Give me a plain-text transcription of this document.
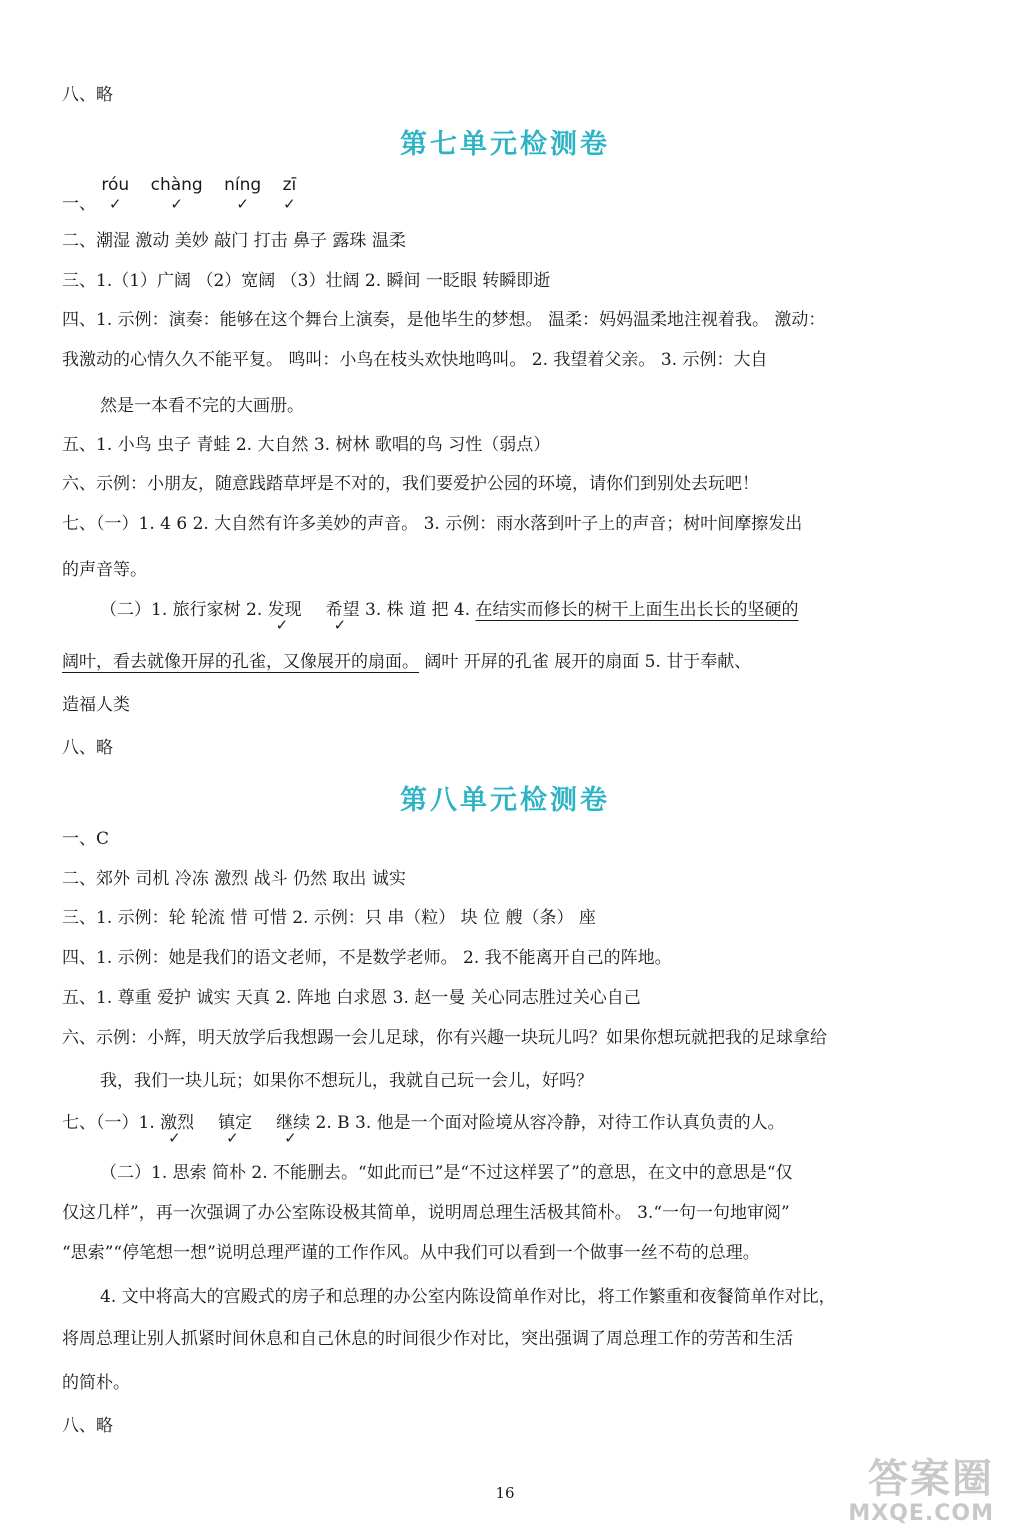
八、略
第七单元检测卷
一、 róu
✓
chàng
✓
níng
✓
zī
✓
二、潮湿 激动 美妙 敲门 打击 鼻子 露珠 温柔
三、1.（1）广阔 （2）宽阔 （3）壮阔 2. 瞬间 一眨眼 转瞬即逝
四、1. 示例：演奏：能够在这个舞台上演奏，是他毕生的梦想。 温柔：妈妈温柔地注视着我。 激动：
我激动的心情久久不能平复。 鸣叫：小鸟在枝头欢快地鸣叫。 2. 我望着父亲。 3. 示例：大自
然是一本看不完的大画册。
五、1. 小鸟 虫子 青蛙 2. 大自然 3. 树林 歌唱的鸟 习性（弱点）
六、示例：小朋友，随意践踏草坪是不对的，我们要爱护公园的环境，请你们到别处去玩吧！
七、（一）1. 4 6 2. 大自然有许多美妙的声音。 3. 示例：雨水落到叶子上的声音；树叶间摩擦发出
的声音等。
（二）1. 旅行家树 2. 发现
✓
希望
✓
3. 株 道 把 4. 在结实而修长的树干上面生出长长的坚硬的
阔叶，看去就像开屏的孔雀，又像展开的扇面。 阔叶 开屏的孔雀 展开的扇面 5. 甘于奉献、
造福人类
八、略
第八单元检测卷
一、C
二、郊外 司机 冷冻 激烈 战斗 仍然 取出 诚实
三、1. 示例：轮 轮流 惜 可惜 2. 示例：只 串（粒） 块 位 艘（条） 座
四、1. 示例：她是我们的语文老师，不是数学老师。 2. 我不能离开自己的阵地。
五、1. 尊重 爱护 诚实 天真 2. 阵地 白求恩 3. 赵一曼 关心同志胜过关心自己
六、示例：小辉，明天放学后我想踢一会儿足球，你有兴趣一块玩儿吗？如果你想玩就把我的足球拿给
我，我们一块儿玩；如果你不想玩儿，我就自己玩一会儿，好吗？
七、（一）1. 激烈
✓
镇定
✓
继续
✓
2. B 3. 他是一个面对险境从容冷静，对待工作认真负责的人。
（二）1. 思索 简朴 2. 不能删去。“如此而已”是“不过这样罢了”的意思，在文中的意思是“仅
仅这几样”，再一次强调了办公室陈设极其简单，说明周总理生活极其简朴。 3.“一句一句地审阅”
“思索”“停笔想一想”说明总理严谨的工作作风。从中我们可以看到一个做事一丝不苟的总理。
4. 文中将高大的宫殿式的房子和总理的办公室内陈设简单作对比，将工作繁重和夜餐简单作对比，
将周总理让别人抓紧时间休息和自己休息的时间很少作对比，突出强调了周总理工作的劳苦和生活
的简朴。
八、略
16	答案圈
MXQE.COM
